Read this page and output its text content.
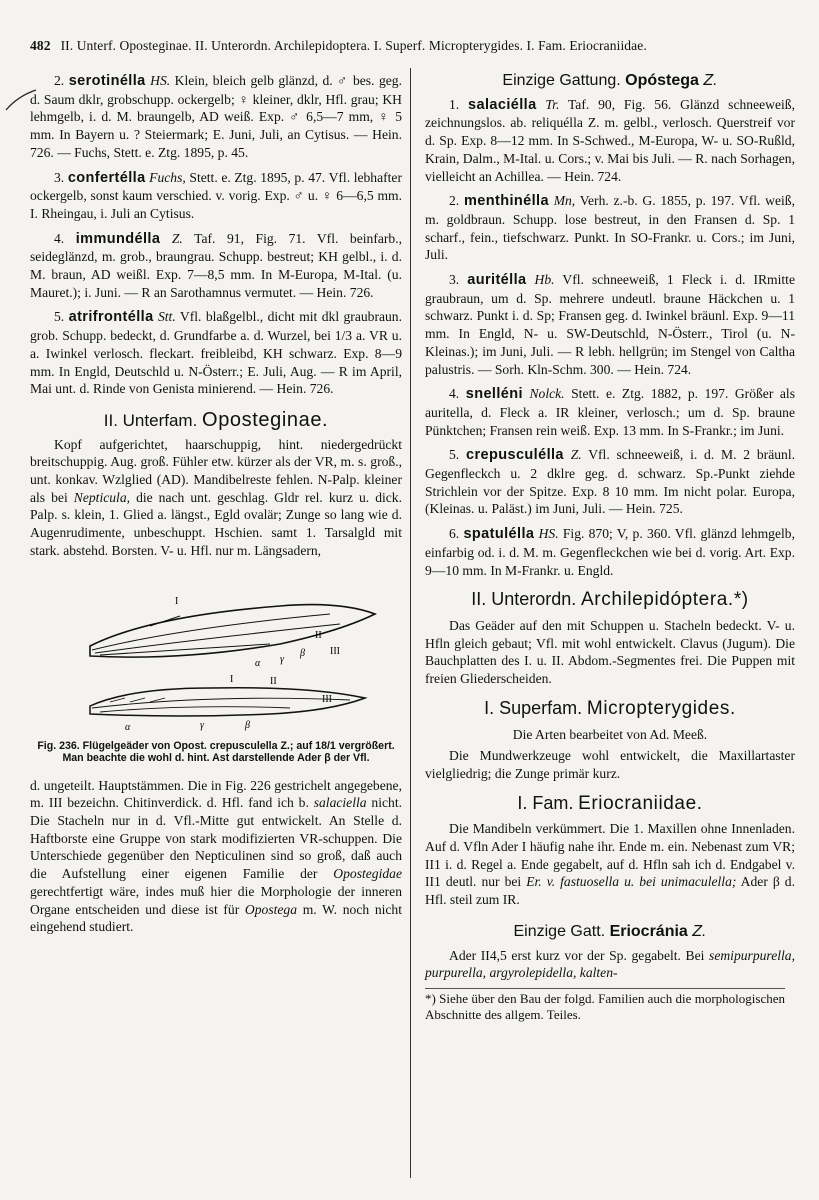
482 II. Unterf. Oposteginae. II. Unterordn. Archilepidoptera. I. Superf. Micropterygides. I. Fam. Eriocraniidae.

2. serotinélla HS. Klein, bleich gelb glänzd, d. ♂ bes. geg. d. Saum dklr, grobschupp. ockergelb; ♀ kleiner, dklr, Hfl. grau; KH lehmgelb, i. d. M. braungelb, AD weiß. Exp. ♂ 6,5—7 mm, ♀ 5 mm. In Bayern u. ? Steiermark; E. Juni, Juli, an Cytisus. — Hein. 726. — Fuchs, Stett. e. Ztg. 1895, p. 45.

3. confertélla Fuchs, Stett. e. Ztg. 1895, p. 47. Vfl. lebhafter ockergelb, sonst kaum verschied. v. vorig. Exp. ♂ u. ♀ 6—6,5 mm. I. Rheingau, i. Juli an Cytisus.

4. immundélla Z. Taf. 91, Fig. 71. Vfl. beinfarb., seideglänzd, m. grob., braungrau. Schupp. bestreut; KH gelbl., i. d. M. braun, AD weißl. Exp. 7—8,5 mm. In M-Europa, M-Ital. (u. Mauret.); i. Juni. — R an Sarothamnus vermutet. — Hein. 726.

5. atrifrontélla Stt. Vfl. blaßgelbl., dicht mit dkl graubraun. grob. Schupp. bedeckt, d. Grundfarbe a. d. Wurzel, bei 1/3 a. VR u. a. Iwinkel verlosch. fleckart. freibleibd, KH schwarz. Exp. 8—9 mm. In Engld, Deutschld u. N-Österr.; E. Juli, Aug. — R im April, Mai unt. d. Rinde von Genista minierend. — Hein. 726.

II. Unterfam. Oposteginae.

Kopf aufgerichtet, haarschuppig, hint. niedergedrückt breitschuppig. Aug. groß. Fühler etw. kürzer als der VR, m. s. groß., unt. konkav. Wzlglied (AD). Mandibelreste fehlen. N-Palp. kleiner als bei Nepticula, die nach unt. geschlag. Gldr rel. kurz u. dick. Palp. s. klein, 1. Glied a. längst., Egld ovalär; Zunge so lang wie d. Augenrudimente, unbeschuppt. Hschien. samt 1. Tarsalgld mit stark. abstehd. Borsten. V- u. Hfl. nur m. Längsadern,

I
II
III
α γ
β
I	II
III
α	γ	β

Fig. 236. Flügelgeäder von Opost. crepusculella Z.; auf 18/1 vergrößert. Man beachte die wohl d. hint. Ast darstellende Ader β der Vfl.

d. ungeteilt. Hauptstämmen. Die in Fig. 226 gestrichelt angegebene, m. III bezeichn. Chitinverdick. d. Hfl. fand ich b. salaciella nicht. Die Stacheln nur in d. Vfl.-Mitte gut entwickelt. An Stelle d. Haftborste eine Gruppe von stark modifizierten VR-schuppen. Die Unterschiede gegenüber den Nepticulinen sind so groß, daß auch die Aufstellung einer eigenen Familie der Opostegidae gerechtfertigt wäre, indes muß hier die Morphologie der inneren Organe entscheiden und diese ist für Opostega m. W. noch nicht eingehend studiert.

Einzige Gattung. Opóstega Z.

1. salaciélla Tr. Taf. 90, Fig. 56. Glänzd schneeweiß, zeichnungslos. ab. reliquélla Z. m. gelbl., verlosch. Querstreif vor d. Sp. Exp. 8—12 mm. In S-Schwed., M-Europa, W- u. SO-Rußld, Krain, Dalm., M-Ital. u. Cors.; v. Mai bis Juli. — R. nach Sorhagen, vielleicht an Achillea. — Hein. 724.

2. menthinélla Mn, Verh. z.-b. G. 1855, p. 197. Vfl. weiß, m. goldbraun. Schupp. lose bestreut, in den Fransen d. Sp. 1 scharf., fein., tiefschwarz. Punkt. In SO-Frankr. u. Cors.; im Juni, Juli.

3. auritélla Hb. Vfl. schneeweiß, 1 Fleck i. d. IRmitte graubraun, um d. Sp. mehrere undeutl. braune Häckchen u. 1 schwarz. Punkt i. d. Sp; Fransen geg. d. Iwinkel bräunl. Exp. 9—11 mm. In Engld, N- u. SW-Deutschld, N-Österr., Tirol (u. N-Kleinas.); im Juni, Juli. — R lebh. hellgrün; im Stengel von Caltha palustris. — Sorh. Kln-Schm. 300. — Hein. 724.

4. snelléni Nolck. Stett. e. Ztg. 1882, p. 197. Größer als auritella, d. Fleck a. IR kleiner, verlosch.; um d. Sp. braune Pünktchen; Fransen rein weiß. Exp. 13 mm. In S-Frankr.; im Juni.

5. crepusculélla Z. Vfl. schneeweiß, i. d. M. 2 bräunl. Gegenfleckch u. 2 dklre geg. d. schwarz. Sp.-Punkt ziehde Strichlein vor der Spitze. Exp. 8 10 mm. Im nicht polar. Europa, (Kleinas. u. Paläst.) im Juni, Juli. — Hein. 725.

6. spatulélla HS. Fig. 870; V, p. 360. Vfl. glänzd lehmgelb, einfarbig od. i. d. M. m. Gegenfleckchen wie bei d. vorig. Art. Exp. 9—10 mm. In M-Frankr. u. Engld.

II. Unterordn. Archilepidóptera.*)

Das Geäder auf den mit Schuppen u. Stacheln bedeckt. V- u. Hfln gleich gebaut; Vfl. mit wohl entwickelt. Clavus (Jugum). Die Bauchplatten des I. u. II. Abdom.-Segmentes frei. Die Puppen mit freien Gliederscheiden.

I. Superfam. Micropterygides.

Die Arten bearbeitet von Ad. Meeß.

Die Mundwerkzeuge wohl entwickelt, die Maxillartaster vielgliedrig; die Zunge primär kurz.

I. Fam. Eriocraniidae.

Die Mandibeln verkümmert. Die 1. Maxillen ohne Innenladen. Auf d. Vfln Ader I häufig nahe ihr. Ende m. ein. Nebenast zum VR; II1 i. d. Regel a. Ende gegabelt, auf d. Hfln sah ich d. Endgabel v. II1 deutl. nur bei Er. v. fastuosella u. bei unimaculella; Ader β d. Hfl. steil zum IR.

Einzige Gatt. Eriocránia Z.

Ader II4,5 erst kurz vor der Sp. gegabelt. Bei semipurpurella, purpurella, argyrolepidella, kalten-

*) Siehe über den Bau der folgd. Familien auch die morphologischen Abschnitte des allgem. Teiles.
